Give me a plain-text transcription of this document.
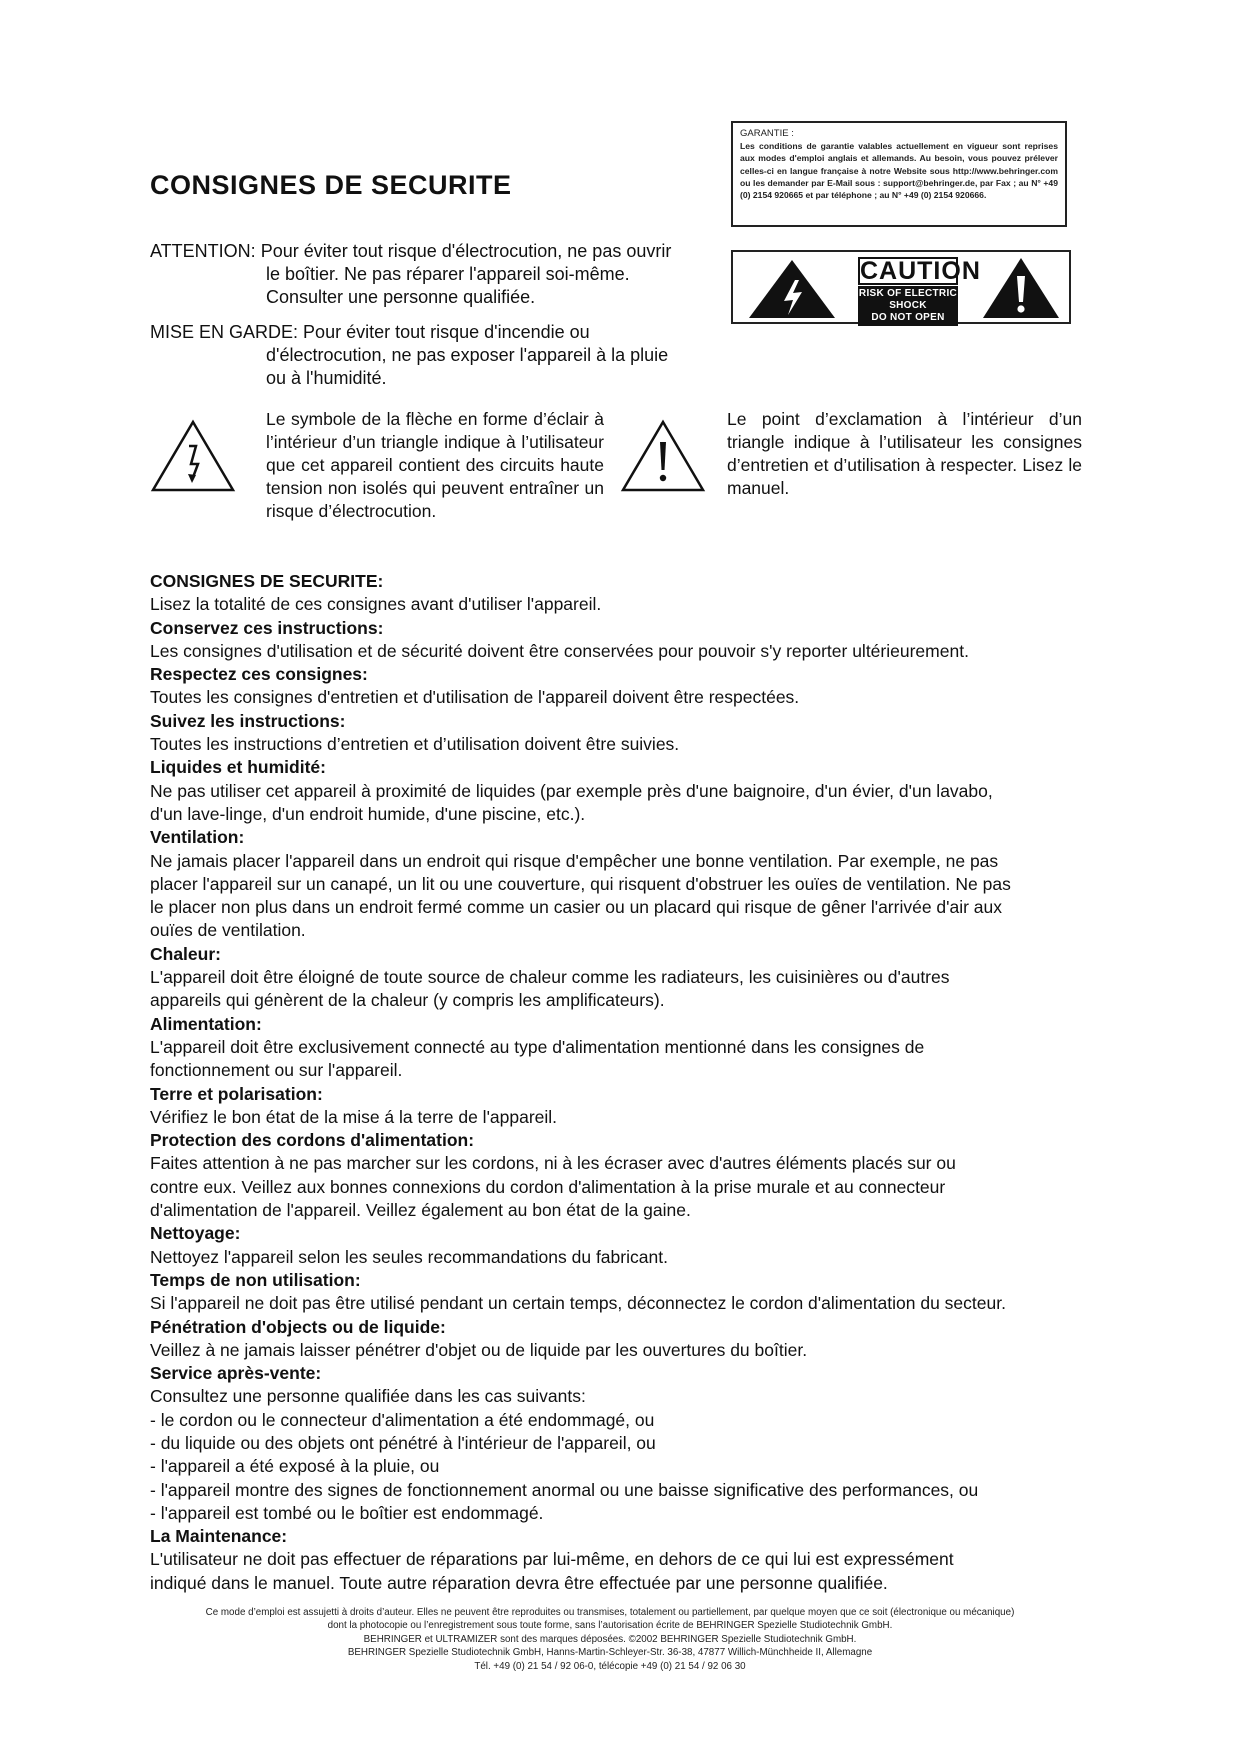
CONSIGNES DE SECURITE
GARANTIE :
Les conditions de garantie valables actuellement en vigueur sont reprises aux modes d'emploi anglais et allemands. Au besoin, vous pouvez prélever celles-ci en langue française à notre Website sous http://www.behringer.com ou les demander par E-Mail sous : support@behringer.de, par Fax ; au N° +49 (0) 2154 920665 et par téléphone ; au N° +49 (0) 2154 920666.
CAUTION
RISK OF ELECTRIC SHOCK
DO NOT OPEN
ATTENTION: Pour éviter tout risque d'électrocution, ne pas ouvrir
le boîtier. Ne pas réparer l'appareil soi-même.
Consulter une personne qualifiée.
MISE EN GARDE: Pour éviter tout risque d'incendie ou
d'électrocution, ne pas exposer l'appareil à la pluie
ou à l'humidité.

Le symbole de la flèche en forme d’éclair à l’intérieur d’un triangle indique à l’utilisateur que cet appareil contient des circuits haute tension non isolés qui peuvent entraîner un risque d’électrocution.

Le point d’exclamation à l’intérieur d’un triangle indique à l’utilisateur les consignes d’entretien et d’utilisation à respecter. Lisez le manuel.

CONSIGNES DE SECURITE:
Lisez la totalité de ces consignes avant d'utiliser l'appareil.
Conservez ces instructions:
Les consignes d'utilisation et de sécurité doivent être conservées pour pouvoir s'y reporter ultérieurement.
Respectez ces consignes:
Toutes les consignes d'entretien et d'utilisation de l'appareil doivent être respectées.
Suivez les instructions:
Toutes les instructions d’entretien et d’utilisation doivent être suivies.
Liquides et humidité:
Ne pas utiliser cet appareil à proximité de liquides (par exemple près d'une baignoire, d'un évier, d'un lavabo,
d'un lave-linge, d'un endroit humide, d'une piscine, etc.).
Ventilation:
Ne jamais placer l'appareil dans un endroit qui risque d'empêcher une bonne ventilation. Par exemple, ne pas
placer l'appareil sur un canapé, un lit ou une couverture, qui risquent d'obstruer les ouïes de ventilation. Ne pas
le placer non plus dans un endroit fermé comme un casier ou un placard qui risque de gêner l'arrivée d'air aux
ouïes de ventilation.
Chaleur:
L'appareil doit être éloigné de toute source de chaleur comme les radiateurs, les cuisinières ou d'autres
appareils qui génèrent de la chaleur (y compris les amplificateurs).
Alimentation:
L'appareil doit être exclusivement connecté au type d'alimentation mentionné dans les consignes de
fonctionnement ou sur l'appareil.
Terre et polarisation:
Vérifiez le bon état de la mise á la terre de l'appareil.
Protection des cordons d'alimentation:
Faites attention à ne pas marcher sur les cordons, ni à les écraser avec d'autres éléments placés sur ou
contre eux. Veillez aux bonnes connexions du cordon d'alimentation à la prise murale et au connecteur
d'alimentation de l'appareil. Veillez également au bon état de la gaine.
Nettoyage:
Nettoyez l'appareil selon les seules recommandations du fabricant.
Temps de non utilisation:
Si l'appareil ne doit pas être utilisé pendant un certain temps, déconnectez le cordon d'alimentation du secteur.
Pénétration d'objects ou de liquide:
Veillez à ne jamais laisser pénétrer d'objet ou de liquide par les ouvertures du boîtier.
Service après-vente:
Consultez une personne qualifiée dans les cas suivants:
- le cordon ou le connecteur d'alimentation a été endommagé, ou
- du liquide ou des objets ont pénétré à l'intérieur de l'appareil, ou
- l'appareil a été exposé à la pluie, ou
- l'appareil montre des signes de fonctionnement anormal ou une baisse significative des performances, ou
- l'appareil est tombé ou le boîtier est endommagé.
La Maintenance:
L'utilisateur ne doit pas effectuer de réparations par lui-même, en dehors de ce qui lui est expressément
indiqué dans le manuel. Toute autre réparation devra être effectuée par une personne qualifiée.
Ce mode d’emploi est assujetti à droits d’auteur. Elles ne peuvent être reproduites ou transmises, totalement ou partiellement, par quelque moyen que ce soit (électronique ou mécanique)
dont la photocopie ou l’enregistrement sous toute forme, sans l’autorisation écrite de BEHRINGER Spezielle Studiotechnik GmbH.
BEHRINGER et ULTRAMIZER sont des marques déposées. ©2002 BEHRINGER Spezielle Studiotechnik GmbH.
BEHRINGER Spezielle Studiotechnik GmbH, Hanns-Martin-Schleyer-Str. 36-38, 47877 Willich-Münchheide II, Allemagne
Tél. +49 (0) 21 54 / 92 06-0, télécopie +49 (0) 21 54 / 92 06 30
